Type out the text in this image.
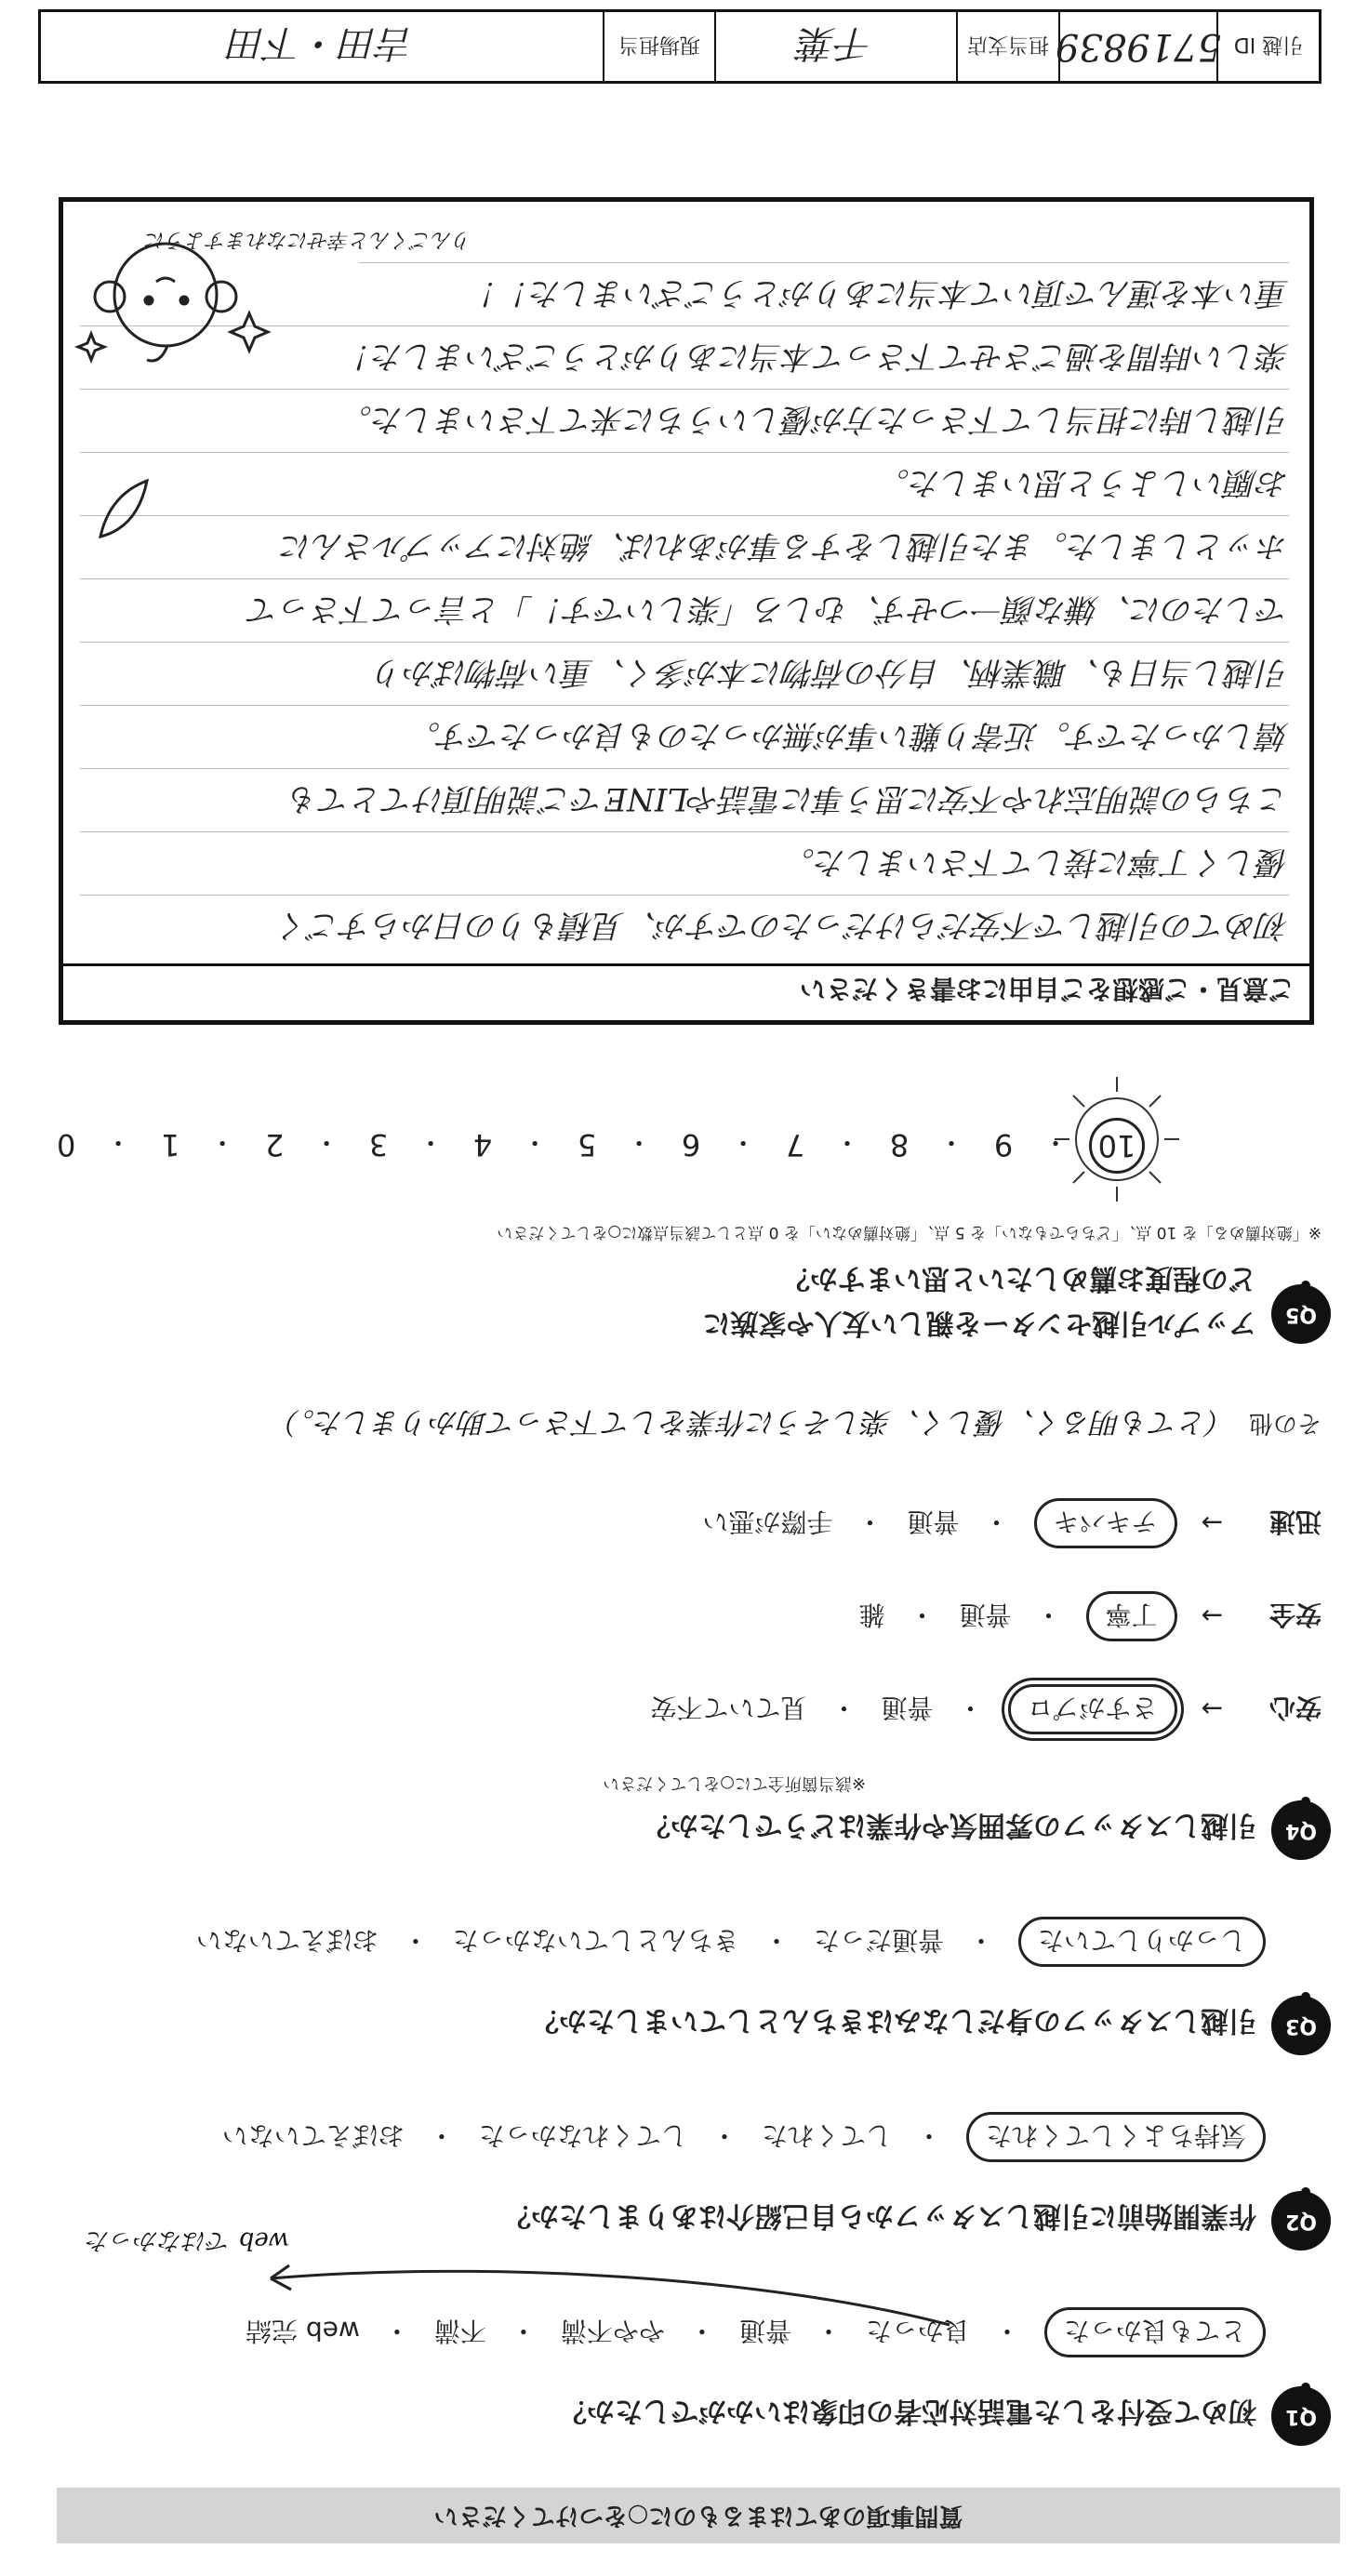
質問事項のあてはまるものに○をつけてください
Q1
初めて受付をした電話対応者の印象はいかがでしたか？
とても良かった
・
良かった
・
普通
・
やや不満
・
不満
・
web 完結
Q2
作業開始前に引越しスタッフから自己紹介はありましたか？
web ではなかった
気持ちよくしてくれた
・
してくれた
・
してくれなかった
・
おぼえていない
Q3
引越しスタッフの身だしなみはきちんとしていましたか？
しっかりしていた
・
普通だった
・
きちんとしていなかった
・
おぼえていない
Q4
引越しスタッフの雰囲気や作業はどうでしたか？
※該当箇所全てに○をしてください
安心
→
さすがプロ
・
普通
・
見ていて不安
安全
→
丁寧
・
普通
・
雑
迅速
→
テキパキ
・
普通
・
手際が悪い
その他
（とても明るく、優しく、楽しそうに作業をして下さって助かりました。）
Q5
アップル引越センターを親しい友人や家族に
どの程度お薦めしたいと思いますか？
※「絶対薦める」を 10 点、「どちらでもない」を 5 点、「絶対薦めない」を 0 点として該当点数に○をしてください
10
・
9
・
8
・
7
・
6
・
5
・
4
・
3
・
2
・
1
・
0
ご意見・ご感想をご自由にお書きください
初めての引越しで不安だらけだったのですが、見積もりの日からすごく
優しく丁寧に接して下さいました。
こちらの説明忘れや不安に思う事に電話やLINEでご説明頂けてとても
嬉しかったです。近寄り難い事が無かったのも良かったです。
引越し当日も、職業柄、自分の荷物に本が多く、重い荷物ばかり
でしたのに、嫌な顔一つせず、むしろ「楽しいです！」と言って下さって
ホッとしました。また引越しをする事があれば、絶対にアップルさんに
お願いしようと思いました。
引越し時に担当して下さった方が優しいうちに来て下さいました。
楽しい時間を過ごさせて下さって本当にありがとうございました！
重い本を運んで頂いて本当にありがとうございました！！
りんごくんと幸せになれますように
引越 ID
5719839
担当支店
千葉
現場担当
吉田・下田
